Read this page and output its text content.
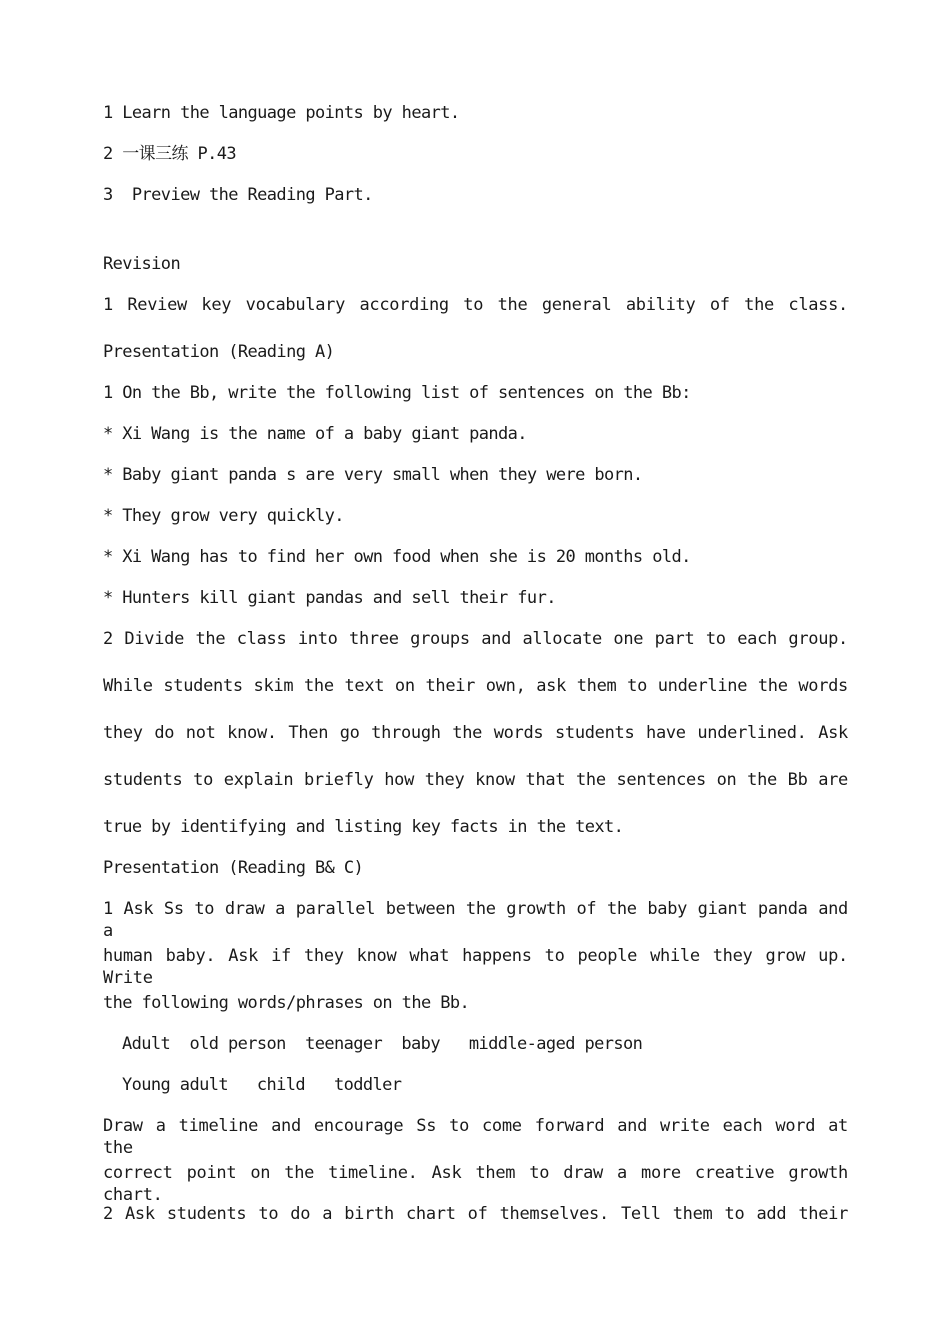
1 Learn the language points by heart.
2 一课三练 P.43
3  Preview the Reading Part.
Revision
1 Review key vocabulary according to the general ability of the class.
Presentation (Reading A)
1 On the Bb, write the following list of sentences on the Bb:
* Xi Wang is the name of a baby giant panda.
* Baby giant panda s are very small when they were born.
* They grow very quickly.
* Xi Wang has to find her own food when she is 20 months old.
* Hunters kill giant pandas and sell their fur.
2 Divide the class into three groups and allocate one part to each group.
While students skim the text on their own, ask them to underline the words
they do not know. Then go through the words students have underlined. Ask
students to explain briefly how they know that the sentences on the Bb are
true by identifying and listing key facts in the text.
Presentation (Reading B& C)
1 Ask Ss to draw a parallel between the growth of the baby giant panda and a
human baby. Ask if they know what happens to people while they grow up. Write
the following words/phrases on the Bb.
Adult  old person  teenager  baby   middle-aged person
Young adult   child   toddler
Draw a timeline and encourage Ss to come forward and write each word at the
correct point on the timeline. Ask them to draw a more creative growth chart.
2 Ask students to do a birth chart of themselves. Tell them to add their
